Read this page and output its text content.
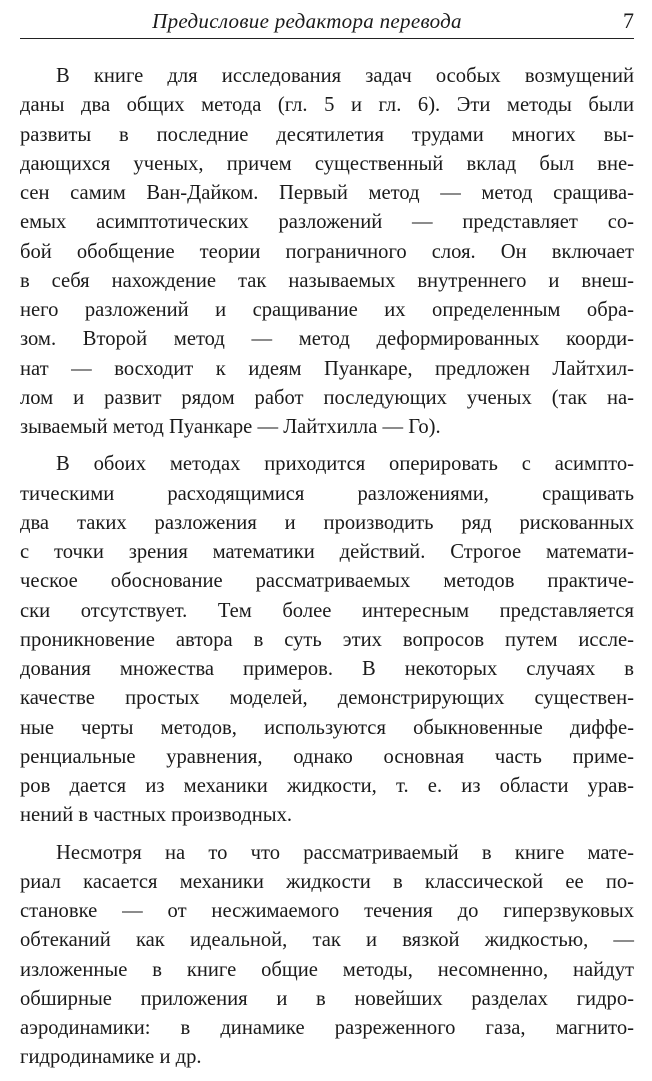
Предисловие редактора перевода	7
В книге для исследования задач особых возмущений
даны два общих метода (гл. 5 и гл. 6). Эти методы были
развиты в последние десятилетия трудами многих вы-
дающихся ученых, причем существенный вклад был вне-
сен самим Ван-Дайком. Первый метод — метод сращива-
емых асимптотических разложений — представляет со-
бой обобщение теории пограничного слоя. Он включает
в себя нахождение так называемых внутреннего и внеш-
него разложений и сращивание их определенным обра-
зом. Второй метод — метод деформированных коорди-
нат — восходит к идеям Пуанкаре, предложен Лайтхил-
лом и развит рядом работ последующих ученых (так на-
зываемый метод Пуанкаре — Лайтхилла — Го).
В обоих методах приходится оперировать с асимпто-
тическими расходящимися разложениями, сращивать
два таких разложения и производить ряд рискованных
с точки зрения математики действий. Строгое математи-
ческое обоснование рассматриваемых методов практиче-
ски отсутствует. Тем более интересным представляется
проникновение автора в суть этих вопросов путем иссле-
дования множества примеров. В некоторых случаях в
качестве простых моделей, демонстрирующих существен-
ные черты методов, используются обыкновенные диффе-
ренциальные уравнения, однако основная часть приме-
ров дается из механики жидкости, т. е. из области урав-
нений в частных производных.
Несмотря на то что рассматриваемый в книге мате-
риал касается механики жидкости в классической ее по-
становке — от несжимаемого течения до гиперзвуковых
обтеканий как идеальной, так и вязкой жидкостью, —
изложенные в книге общие методы, несомненно, найдут
обширные приложения и в новейших разделах гидро-
аэродинамики: в динамике разреженного газа, магнито-
гидродинамике и др.
